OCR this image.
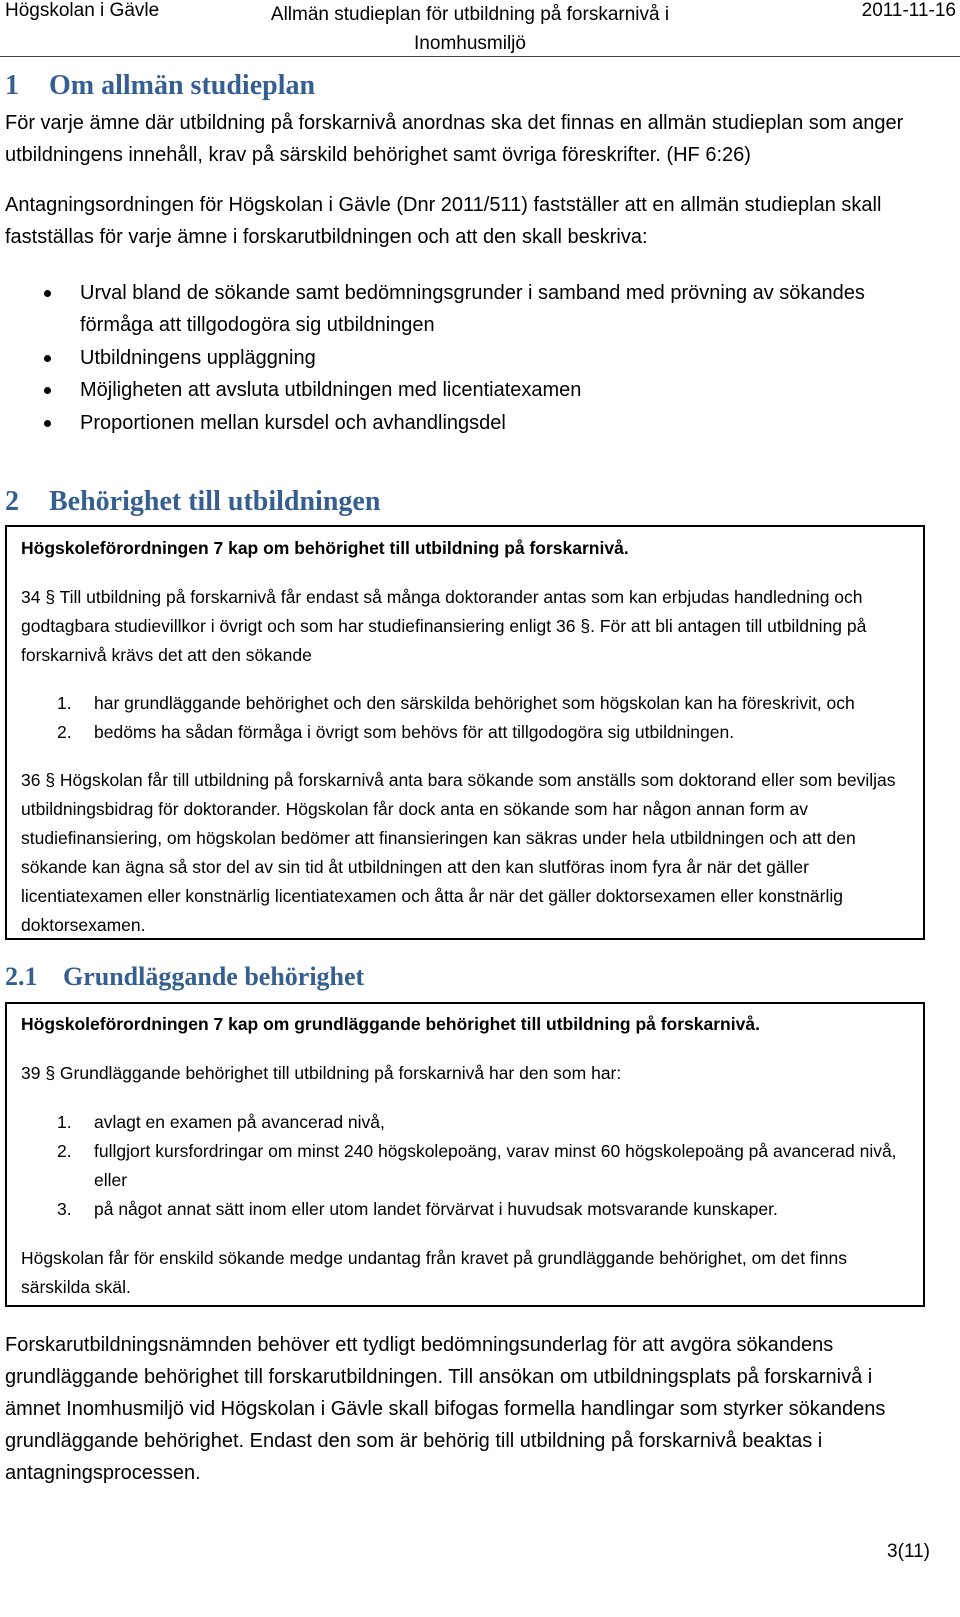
Högskolan i Gävle	Allmän studieplan för utbildning på forskarnivå i Inomhusmiljö
2011-11-16
1 Om allmän studieplan

För varje ämne där utbildning på forskarnivå anordnas ska det finnas en allmän studieplan som anger utbildningens innehåll, krav på särskild behörighet samt övriga föreskrifter. (HF 6:26)

Antagningsordningen för Högskolan i Gävle (Dnr 2011/511) fastställer att en allmän studieplan skall fastställas för varje ämne i forskarutbildningen och att den skall beskriva:

Urval bland de sökande samt bedömningsgrunder i samband med prövning av sökandes förmåga att tillgodogöra sig utbildningen
Utbildningens uppläggning
Möjligheten att avsluta utbildningen med licentiatexamen
Proportionen mellan kursdel och avhandlingsdel
2 Behörighet till utbildningen

Högskoleförordningen 7 kap om behörighet till utbildning på forskarnivå.

34 § Till utbildning på forskarnivå får endast så många doktorander antas som kan erbjudas handledning och godtagbara studievillkor i övrigt och som har studiefinansiering enligt 36 §. För att bli antagen till utbildning på forskarnivå krävs det att den sökande

1. har grundläggande behörighet och den särskilda behörighet som högskolan kan ha föreskrivit, och
2. bedöms ha sådan förmåga i övrigt som behövs för att tillgodogöra sig utbildningen.

36 § Högskolan får till utbildning på forskarnivå anta bara sökande som anställs som doktorand eller som beviljas utbildningsbidrag för doktorander. Högskolan får dock anta en sökande som har någon annan form av studiefinansiering, om högskolan bedömer att finansieringen kan säkras under hela utbildningen och att den sökande kan ägna så stor del av sin tid åt utbildningen att den kan slutföras inom fyra år när det gäller licentiatexamen eller konstnärlig licentiatexamen och åtta år när det gäller doktorsexamen eller konstnärlig doktorsexamen.

2.1 Grundläggande behörighet

Högskoleförordningen 7 kap om grundläggande behörighet till utbildning på forskarnivå.

39 § Grundläggande behörighet till utbildning på forskarnivå har den som har:

1. avlagt en examen på avancerad nivå,
2. fullgjort kursfordringar om minst 240 högskolepoäng, varav minst 60 högskolepoäng på avancerad nivå, eller
3. på något annat sätt inom eller utom landet förvärvat i huvudsak motsvarande kunskaper.

Högskolan får för enskild sökande medge undantag från kravet på grundläggande behörighet, om det finns särskilda skäl.

Forskarutbildningsnämnden behöver ett tydligt bedömningsunderlag för att avgöra sökandens grundläggande behörighet till forskarutbildningen. Till ansökan om utbildningsplats på forskarnivå i ämnet Inomhusmiljö vid Högskolan i Gävle skall bifogas formella handlingar som styrker sökandens grundläggande behörighet. Endast den som är behörig till utbildning på forskarnivå beaktas i antagningsprocessen.

3(11)
